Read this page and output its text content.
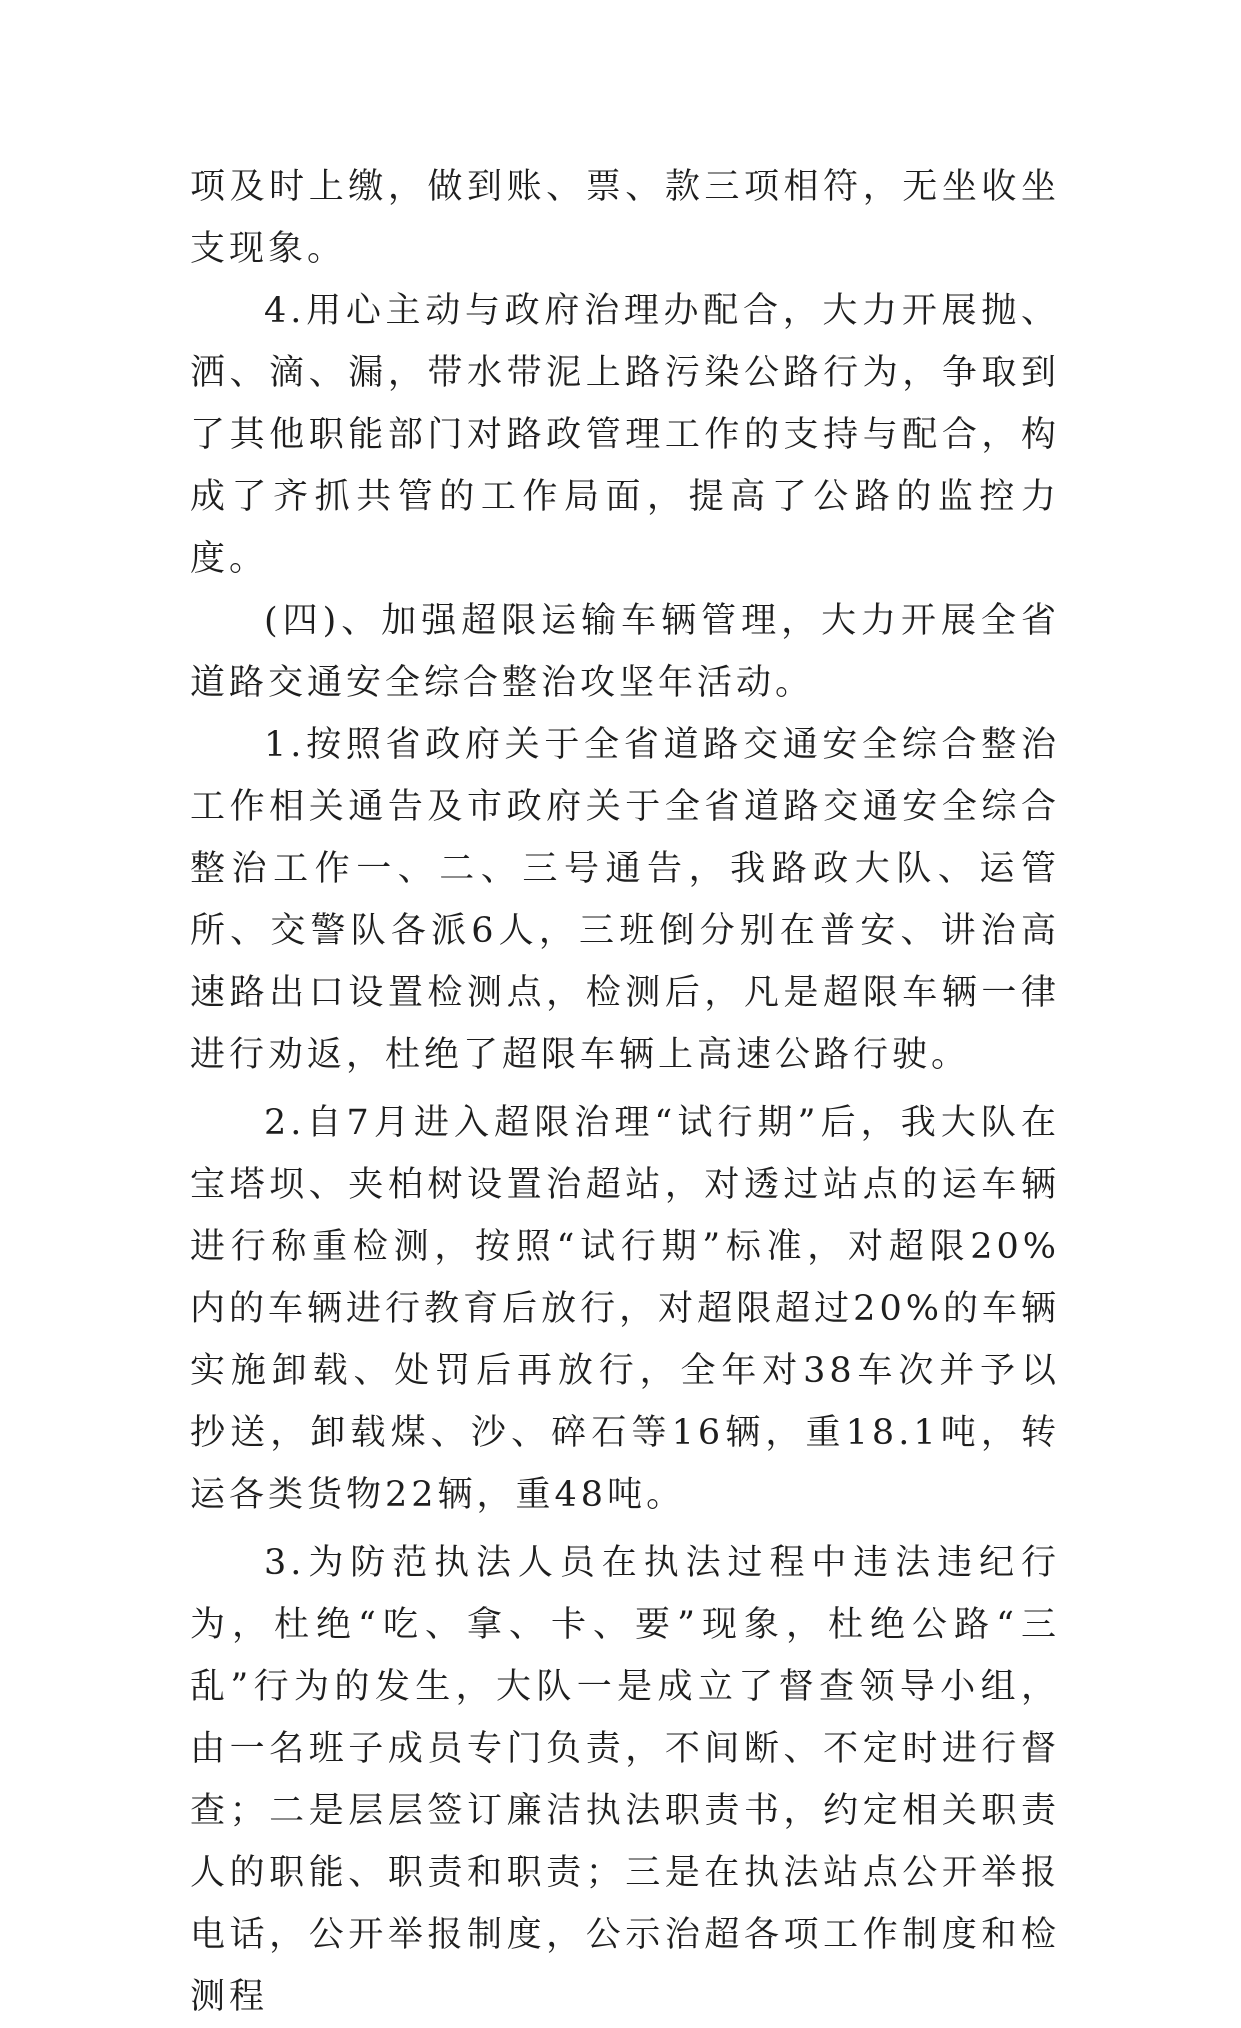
项及时上缴，做到账、票、款三项相符，无坐收坐支现象。

4.用心主动与政府治理办配合，大力开展抛、洒、滴、漏，带水带泥上路污染公路行为，争取到了其他职能部门对路政管理工作的支持与配合，构成了齐抓共管的工作局面，提高了公路的监控力度。

(四)、加强超限运输车辆管理，大力开展全省道路交通安全综合整治攻坚年活动。

1.按照省政府关于全省道路交通安全综合整治工作相关通告及市政府关于全省道路交通安全综合整治工作一、二、三号通告，我路政大队、运管所、交警队各派6人，三班倒分别在普安、讲治高速路出口设置检测点，检测后，凡是超限车辆一律进行劝返，杜绝了超限车辆上高速公路行驶。

2.自7月进入超限治理“试行期”后，我大队在宝塔坝、夹柏树设置治超站，对透过站点的运车辆进行称重检测，按照“试行期”标准，对超限20%内的车辆进行教育后放行，对超限超过20%的车辆实施卸载、处罚后再放行，全年对38车次并予以抄送，卸载煤、沙、碎石等16辆，重18.1吨，转运各类货物22辆，重48吨。

3.为防范执法人员在执法过程中违法违纪行为，杜绝“吃、拿、卡、要”现象，杜绝公路“三乱”行为的发生，大队一是成立了督查领导小组，由一名班子成员专门负责，不间断、不定时进行督查；二是层层签订廉洁执法职责书，约定相关职责人的职能、职责和职责；三是在执法站点公开举报电话，公开举报制度，公示治超各项工作制度和检测程
